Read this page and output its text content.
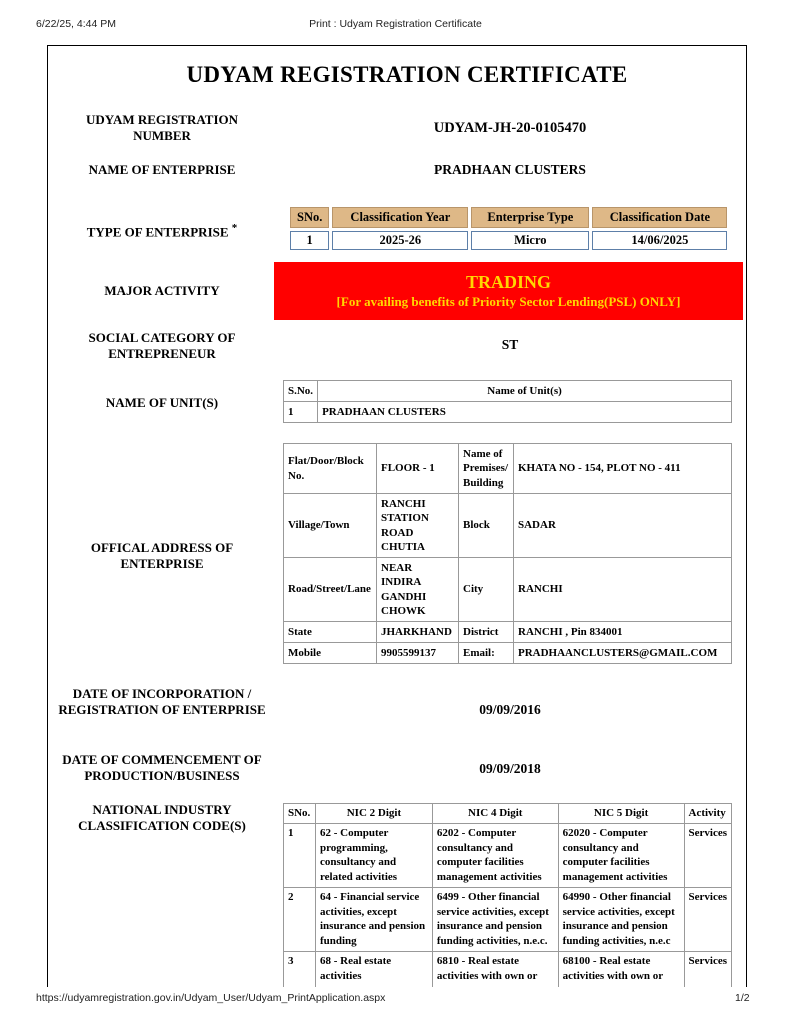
6/22/25, 4:44 PM	Print : Udyam Registration Certificate
UDYAM REGISTRATION CERTIFICATE
UDYAM REGISTRATION NUMBER	UDYAM-JH-20-0105470
NAME OF ENTERPRISE	PRADHAAN CLUSTERS
TYPE OF ENTERPRISE *
SNo.	Classification Year	Enterprise Type	Classification Date
1	2025-26	Micro	14/06/2025
MAJOR ACTIVITY	TRADING
[For availing benefits of Priority Sector Lending(PSL) ONLY]
SOCIAL CATEGORY OF ENTREPRENEUR
ST
NAME OF UNIT(S)
S.No.	Name of Unit(s)
1	PRADHAAN CLUSTERS
OFFICAL ADDRESS OF ENTERPRISE
Flat/Door/Block No.	FLOOR - 1	Name of Premises/ Building	KHATA NO - 154, PLOT NO - 411
Village/Town	RANCHI STATION ROAD CHUTIA	Block	SADAR
Road/Street/Lane	NEAR INDIRA GANDHI CHOWK	City	RANCHI
State	JHARKHAND	District	RANCHI , Pin 834001
Mobile	9905599137	Email:	PRADHAANCLUSTERS@GMAIL.COM
DATE OF INCORPORATION / REGISTRATION OF ENTERPRISE	09/09/2016
DATE OF COMMENCEMENT OF PRODUCTION/BUSINESS	09/09/2018
NATIONAL INDUSTRY CLASSIFICATION CODE(S)
SNo.	NIC 2 Digit	NIC 4 Digit	NIC 5 Digit	Activity
1	62 - Computer programming, consultancy and related activities	6202 - Computer consultancy and computer facilities management activities	62020 - Computer consultancy and computer facilities management activities	Services
2	64 - Financial service activities, except insurance and pension funding	6499 - Other financial service activities, except insurance and pension funding activities, n.e.c.	64990 - Other financial service activities, except insurance and pension funding activities, n.e.c	Services
3	68 - Real estate activities	6810 - Real estate activities with own or	68100 - Real estate activities with own or	Services
https://udyamregistration.gov.in/Udyam_User/Udyam_PrintApplication.aspx	1/2
